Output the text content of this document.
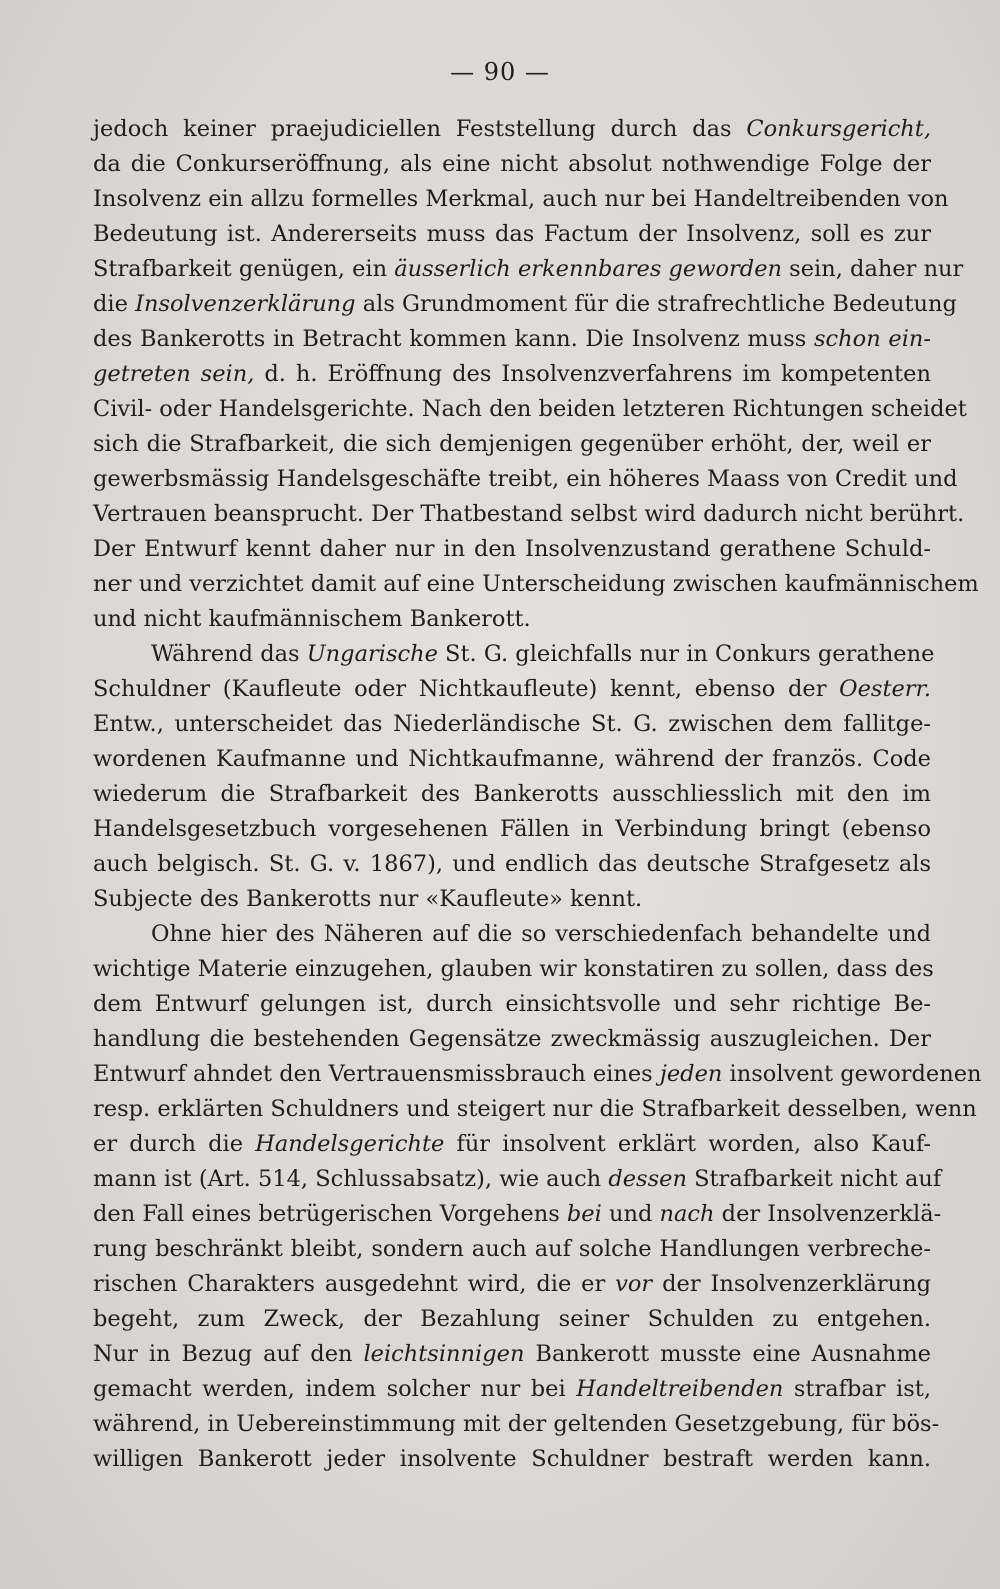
— 90 —
jedoch keiner praejudiciellen Feststellung durch das Conkursgericht,
da die Conkurseröffnung, als eine nicht absolut nothwendige Folge der
Insolvenz ein allzu formelles Merkmal, auch nur bei Handeltreibenden von
Bedeutung ist. Andererseits muss das Factum der Insolvenz, soll es zur
Strafbarkeit genügen, ein äusserlich erkennbares geworden sein, daher nur
die Insolvenzerklärung als Grundmoment für die strafrechtliche Bedeutung
des Bankerotts in Betracht kommen kann. Die Insolvenz muss schon ein-
getreten sein, d. h. Eröffnung des Insolvenzverfahrens im kompetenten
Civil- oder Handelsgerichte. Nach den beiden letzteren Richtungen scheidet
sich die Strafbarkeit, die sich demjenigen gegenüber erhöht, der, weil er
gewerbsmässig Handelsgeschäfte treibt, ein höheres Maass von Credit und
Vertrauen beansprucht. Der Thatbestand selbst wird dadurch nicht berührt.
Der Entwurf kennt daher nur in den Insolvenzustand gerathene Schuld-
ner und verzichtet damit auf eine Unterscheidung zwischen kaufmännischem
und nicht kaufmännischem Bankerott.
Während das Ungarische St. G. gleichfalls nur in Conkurs gerathene
Schuldner (Kaufleute oder Nichtkaufleute) kennt, ebenso der Oesterr.
Entw., unterscheidet das Niederländische St. G. zwischen dem fallitge-
wordenen Kaufmanne und Nichtkaufmanne, während der französ. Code
wiederum die Strafbarkeit des Bankerotts ausschliesslich mit den im
Handelsgesetzbuch vorgesehenen Fällen in Verbindung bringt (ebenso
auch belgisch. St. G. v. 1867), und endlich das deutsche Strafgesetz als
Subjecte des Bankerotts nur «Kaufleute» kennt.
Ohne hier des Näheren auf die so verschiedenfach behandelte und
wichtige Materie einzugehen, glauben wir konstatiren zu sollen, dass des
dem Entwurf gelungen ist, durch einsichtsvolle und sehr richtige Be-
handlung die bestehenden Gegensätze zweckmässig auszugleichen. Der
Entwurf ahndet den Vertrauensmissbrauch eines jeden insolvent gewordenen
resp. erklärten Schuldners und steigert nur die Strafbarkeit desselben, wenn
er durch die Handelsgerichte für insolvent erklärt worden, also Kauf-
mann ist (Art. 514, Schlussabsatz), wie auch dessen Strafbarkeit nicht auf
den Fall eines betrügerischen Vorgehens bei und nach der Insolvenzerklä-
rung beschränkt bleibt, sondern auch auf solche Handlungen verbreche-
rischen Charakters ausgedehnt wird, die er vor der Insolvenzerklärung
begeht, zum Zweck, der Bezahlung seiner Schulden zu entgehen.
Nur in Bezug auf den leichtsinnigen Bankerott musste eine Ausnahme
gemacht werden, indem solcher nur bei Handeltreibenden strafbar ist,
während, in Uebereinstimmung mit der geltenden Gesetzgebung, für bös-
willigen Bankerott jeder insolvente Schuldner bestraft werden kann.
